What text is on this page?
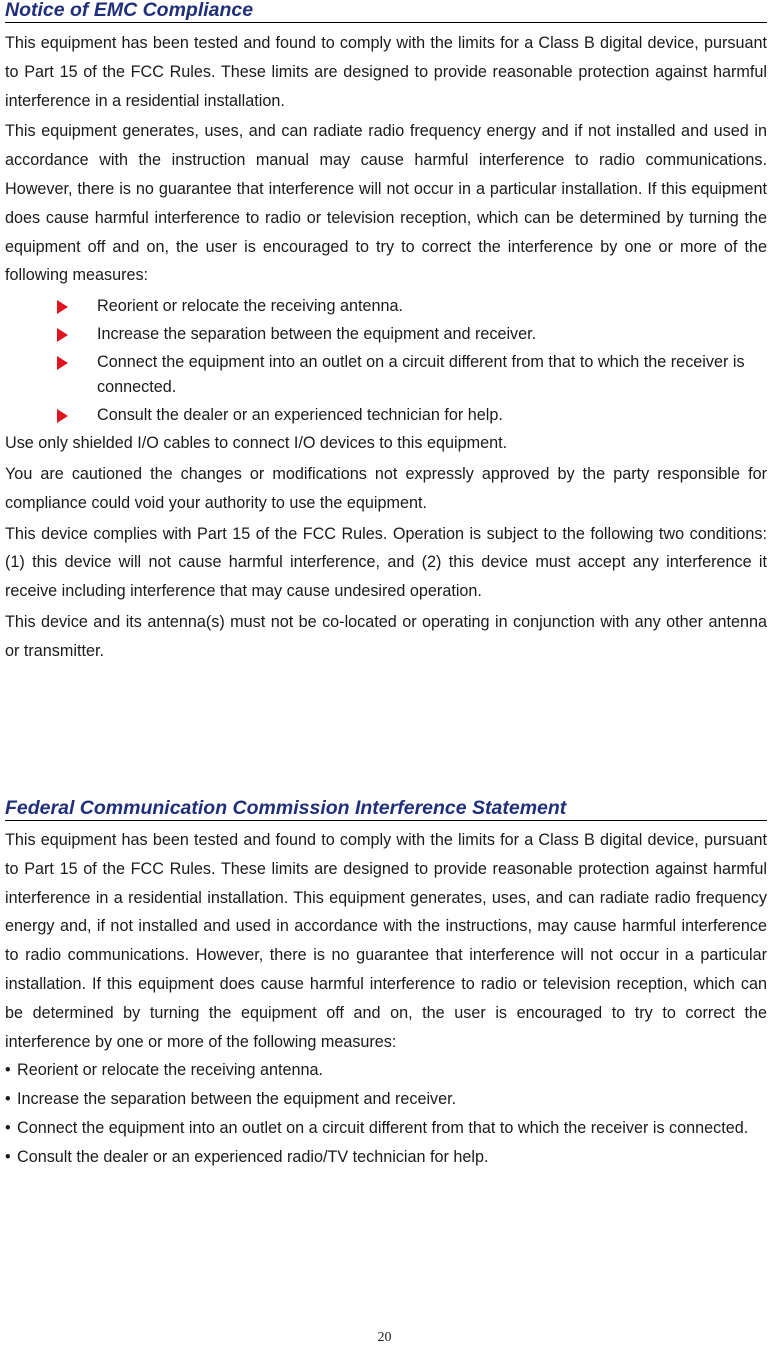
Notice of EMC Compliance

This equipment has been tested and found to comply with the limits for a Class B digital device, pursuant to Part 15 of the FCC Rules. These limits are designed to provide reasonable protection against harmful interference in a residential installation.

This equipment generates, uses, and can radiate radio frequency energy and if not installed and used in accordance with the instruction manual may cause harmful interference to radio communications. However, there is no guarantee that interference will not occur in a particular installation. If this equipment does cause harmful interference to radio or television reception, which can be determined by turning the equipment off and on, the user is encouraged to try to correct the interference by one or more of the following measures:

Reorient or relocate the receiving antenna.
Increase the separation between the equipment and receiver.
Connect the equipment into an outlet on a circuit different from that to which the receiver is connected.
Consult the dealer or an experienced technician for help.

Use only shielded I/O cables to connect I/O devices to this equipment.

You are cautioned the changes or modifications not expressly approved by the party responsible for compliance could void your authority to use the equipment.

This device complies with Part 15 of the FCC Rules. Operation is subject to the following two conditions: (1) this device will not cause harmful interference, and (2) this device must accept any interference it receive including interference that may cause undesired operation.

This device and its antenna(s) must not be co-located or operating in conjunction with any other antenna or transmitter.

Federal Communication Commission Interference Statement

This equipment has been tested and found to comply with the limits for a Class B digital device, pursuant to Part 15 of the FCC Rules. These limits are designed to provide reasonable protection against harmful interference in a residential installation. This equipment generates, uses, and can radiate radio frequency energy and, if not installed and used in accordance with the instructions, may cause harmful interference to radio communications. However, there is no guarantee that interference will not occur in a particular installation. If this equipment does cause harmful interference to radio or television reception, which can be determined by turning the equipment off and on, the user is encouraged to try to correct the interference by one or more of the following measures:

• Reorient or relocate the receiving antenna.
• Increase the separation between the equipment and receiver.
• Connect the equipment into an outlet on a circuit different from that to which the receiver is connected.
• Consult the dealer or an experienced radio/TV technician for help.
20
